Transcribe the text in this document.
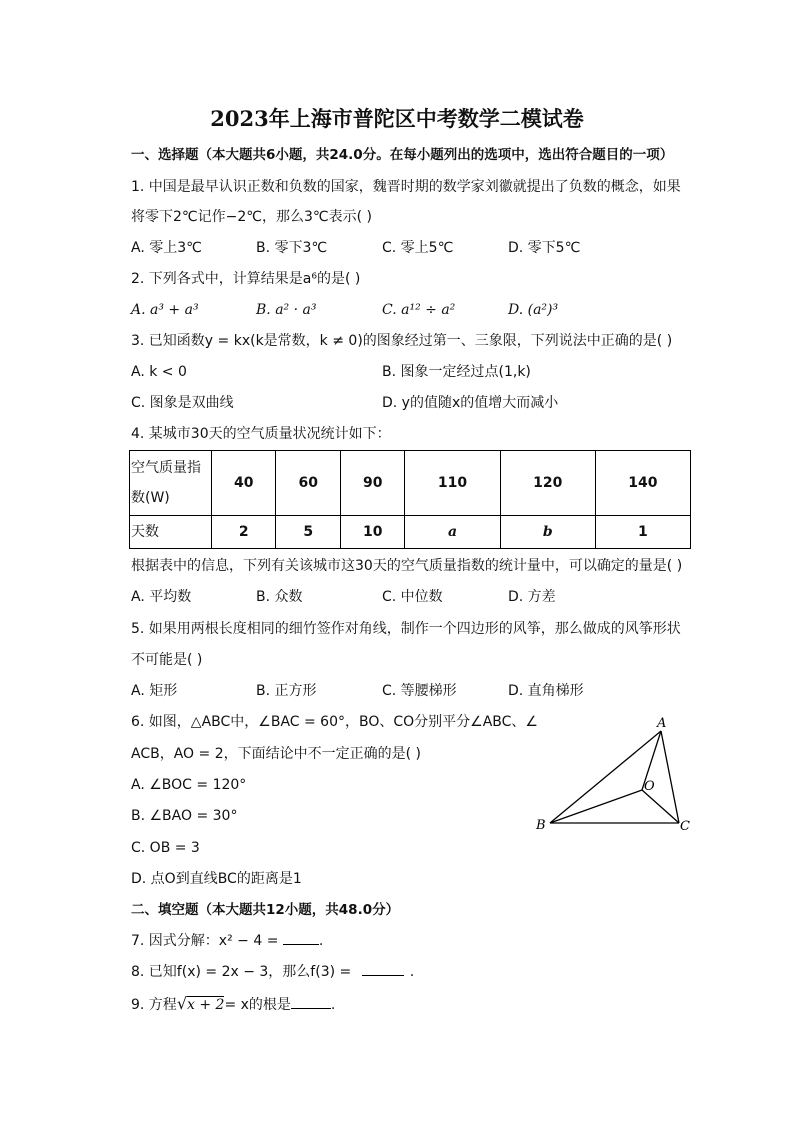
2023年上海市普陀区中考数学二模试卷
一、选择题（本大题共6小题，共24.0分。在每小题列出的选项中，选出符合题目的一项）
1. 中国是最早认识正数和负数的国家，魏晋时期的数学家刘徽就提出了负数的概念，如果
将零下2℃记作−2℃，那么3℃表示( )
A. 零上3℃	B. 零下3℃	C. 零上5℃	D. 零下5℃
2. 下列各式中，计算结果是a⁶的是( )
A. a³ + a³	B. a² · a³	C. a¹² ÷ a²	D. (a²)³
3. 已知函数y = kx(k是常数，k ≠ 0)的图象经过第一、三象限，下列说法中正确的是( )
A. k < 0	B. 图象一定经过点(1,k)
C. 图象是双曲线	D. y的值随x的值增大而减小
4. 某城市30天的空气质量状况统计如下：
空气质量指数(W)	40	60	90	110	120	140
天数	2	5	10	a	b	1
根据表中的信息，下列有关该城市这30天的空气质量指数的统计量中，可以确定的量是( )
A. 平均数	B. 众数	C. 中位数	D. 方差
5. 如果用两根长度相同的细竹签作对角线，制作一个四边形的风筝，那么做成的风筝形状
不可能是( )
A. 矩形	B. 正方形	C. 等腰梯形	D. 直角梯形
6. 如图，△ABC中，∠BAC = 60°，BO、CO分别平分∠ABC、∠
ACB，AO = 2，下面结论中不一定正确的是( )
A. ∠BOC = 120°
B. ∠BAO = 30°
C. OB = 3
D. 点O到直线BC的距离是1
A
B	C
O
二、填空题（本大题共12小题，共48.0分）
7. 因式分解：x² − 4 =	.
8. 已知f(x) = 2x − 3，那么f(3) =	.
9. 方程√x + 2= x的根是	.
